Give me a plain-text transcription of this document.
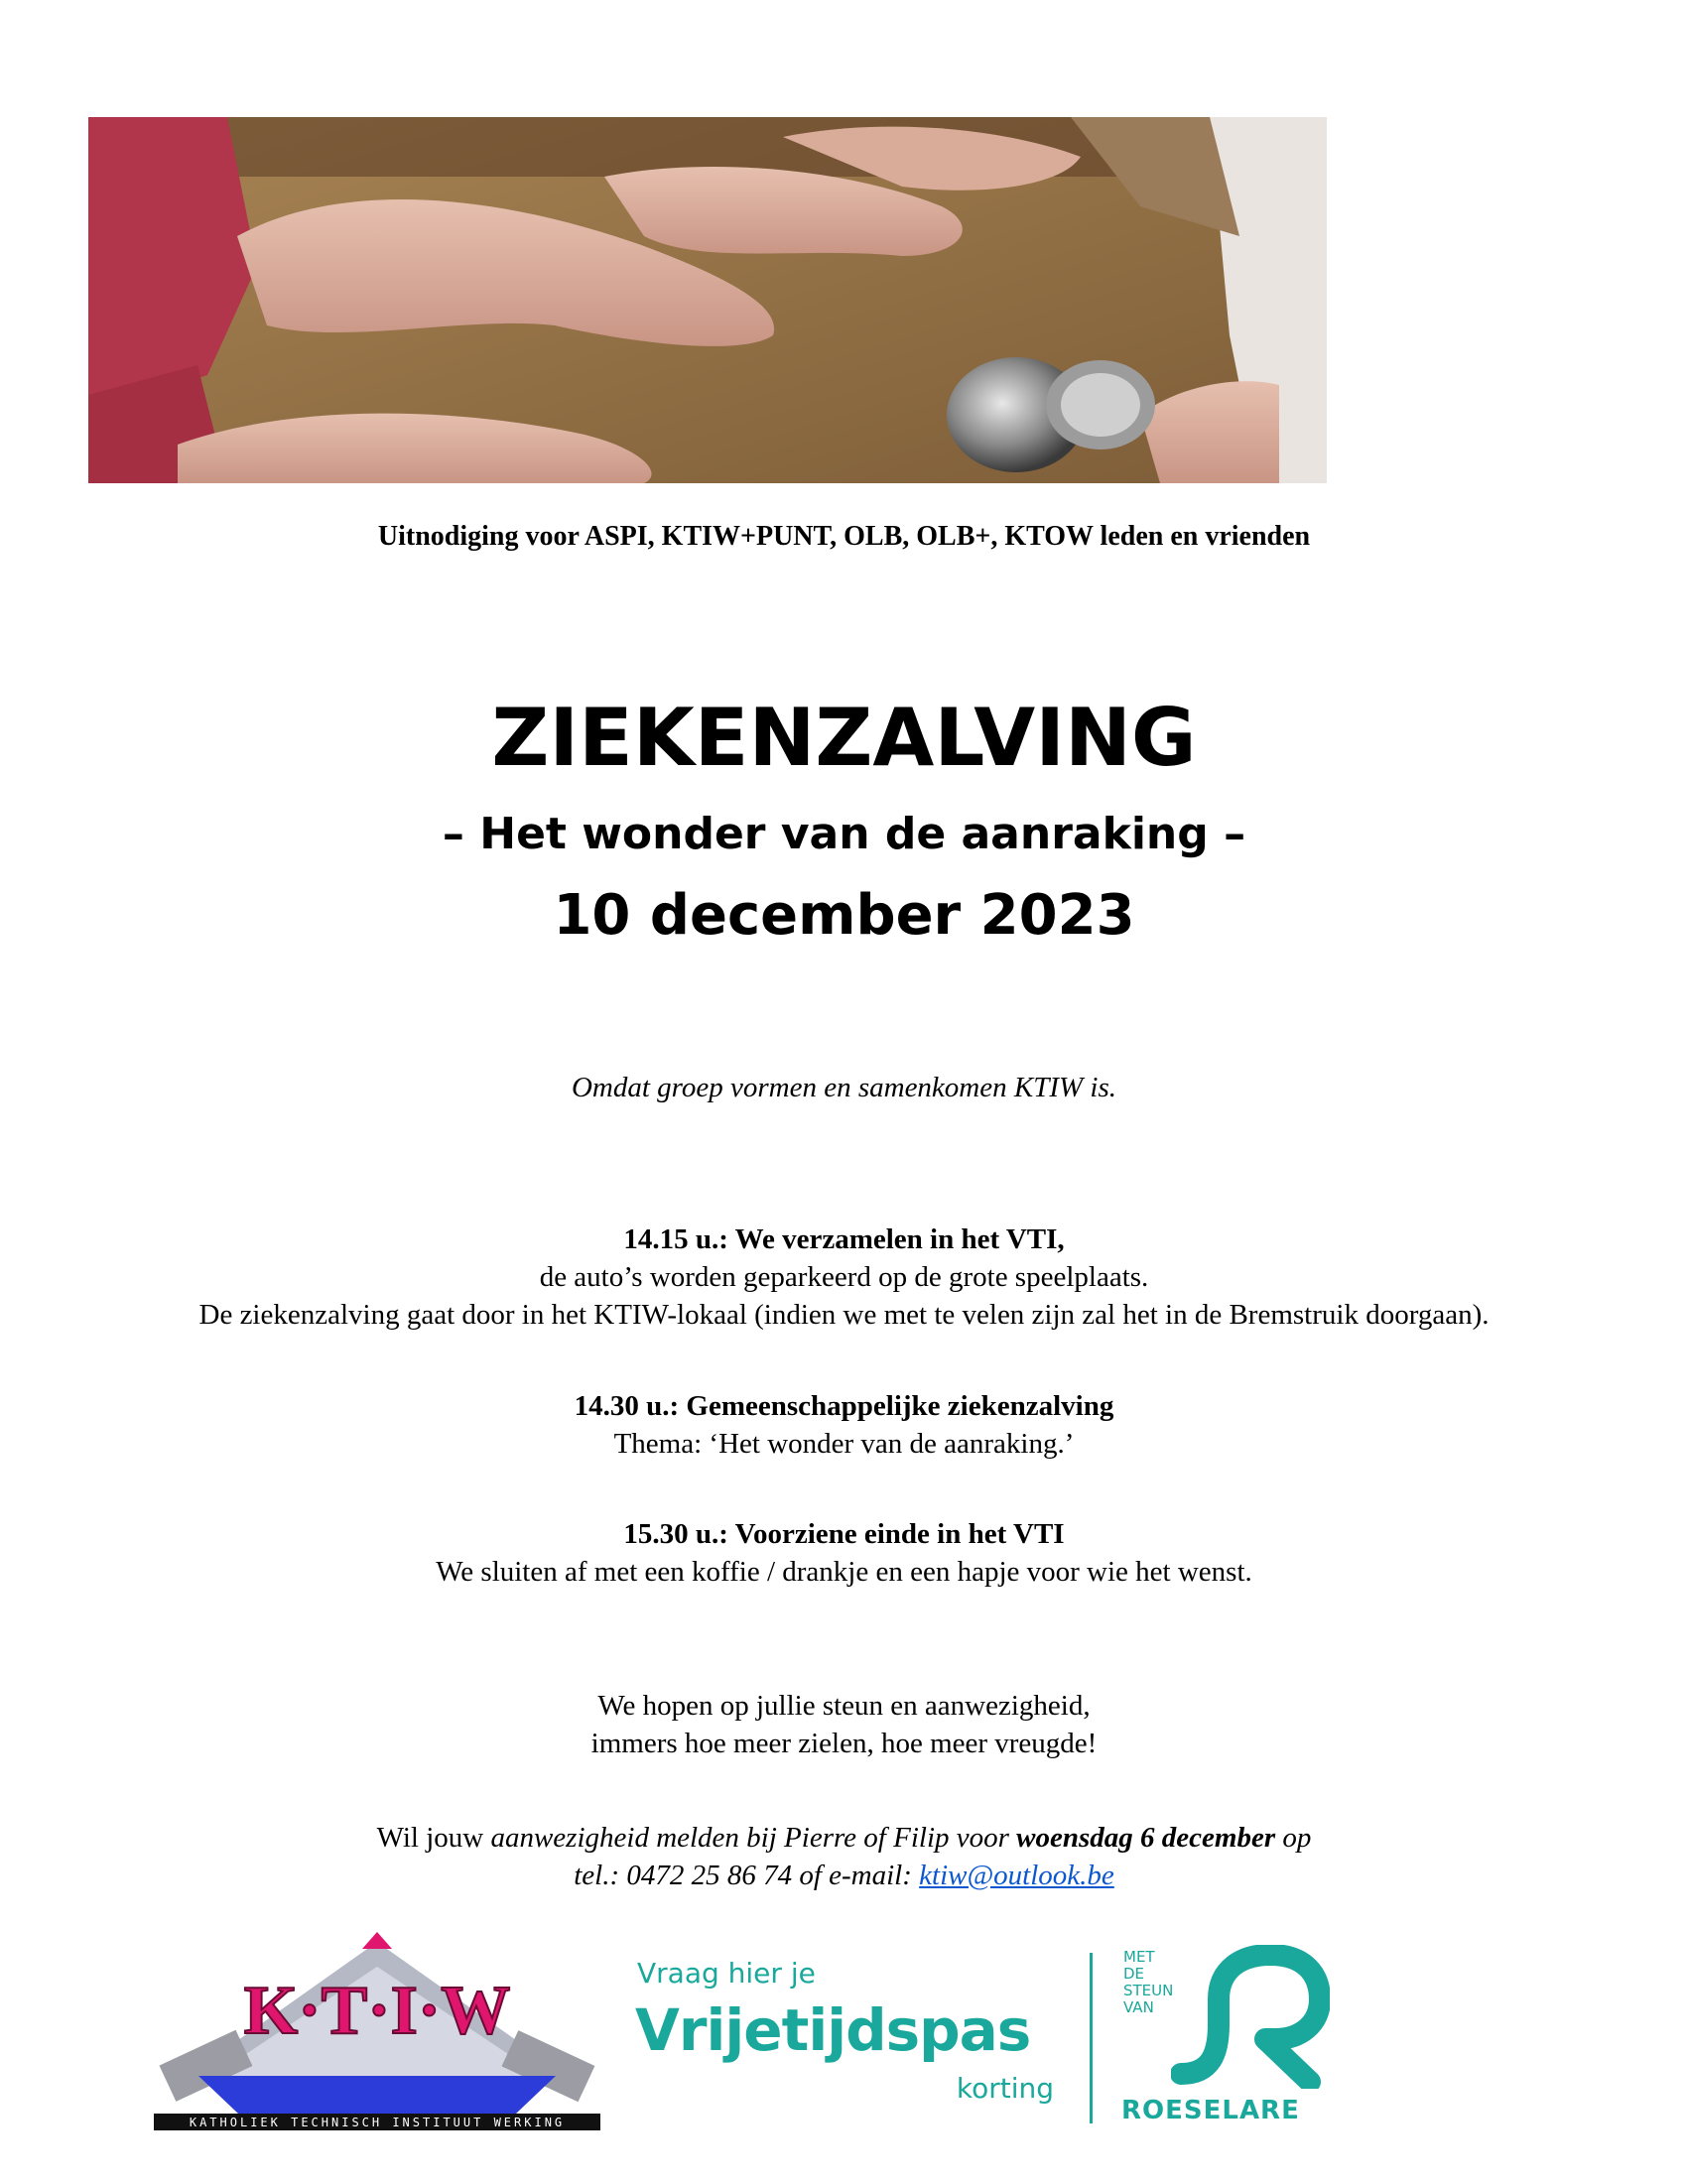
Uitnodiging voor ASPI, KTIW+PUNT, OLB, OLB+, KTOW leden en vrienden
ZIEKENZALVING
– Het wonder van de aanraking –
10 december 2023
Omdat groep vormen en samenkomen KTIW is.
14.15 u.: We verzamelen in het VTI,
de auto’s worden geparkeerd op de grote speelplaats.
De ziekenzalving gaat door in het KTIW-lokaal (indien we met te velen zijn zal het in de Bremstruik doorgaan).
14.30 u.: Gemeenschappelijke ziekenzalving
Thema: ‘Het wonder van de aanraking.’
15.30 u.: Voorziene einde in het VTI
We sluiten af met een koffie / drankje en een hapje voor wie het wenst.
We hopen op jullie steun en aanwezigheid,
immers hoe meer zielen, hoe meer vreugde!
Wil jouw aanwezigheid melden bij Pierre of Filip voor woensdag 6 december op
tel.: 0472 25 86 74 of e-mail: ktiw@outlook.be
K·T·I·W
KATHOLIEK TECHNISCH INSTITUUT WERKING
Vraag hier je
Vrijetijdspas
korting
MET
DE
STEUN
VAN
ROESELARE
